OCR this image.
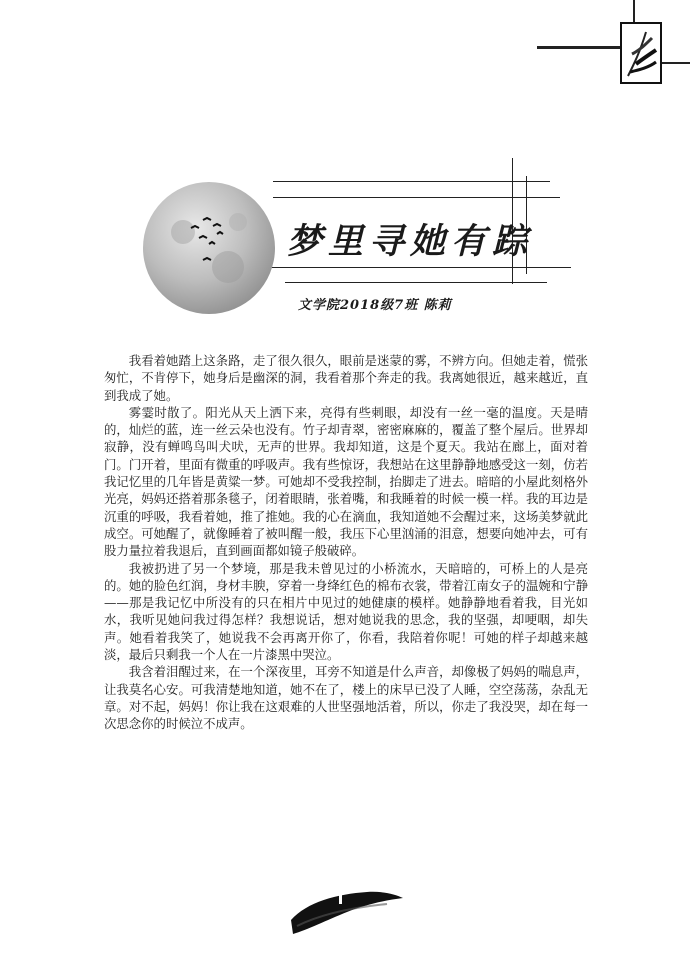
梦里寻她有踪
文学院2018级7班 陈莉

我看着她踏上这条路，走了很久很久，眼前是迷蒙的雾，不辨方向。但她走着，慌张匆忙，不肯停下，她身后是幽深的洞，我看着那个奔走的我。我离她很近，越来越近，直到我成了她。

雾霎时散了。阳光从天上洒下来，亮得有些刺眼，却没有一丝一毫的温度。天是晴的，灿烂的蓝，连一丝云朵也没有。竹子却青翠，密密麻麻的，覆盖了整个屋后。世界却寂静，没有蝉鸣鸟叫犬吠，无声的世界。我却知道，这是个夏天。我站在廊上，面对着门。门开着，里面有微重的呼吸声。我有些惊讶，我想站在这里静静地感受这一刻，仿若我记忆里的几年皆是黄粱一梦。可她却不受我控制，抬脚走了进去。暗暗的小屋此刻格外光亮，妈妈还搭着那条毯子，闭着眼睛，张着嘴，和我睡着的时候一模一样。我的耳边是沉重的呼吸，我看着她，推了推她。我的心在滴血，我知道她不会醒过来，这场美梦就此成空。可她醒了，就像睡着了被叫醒一般，我压下心里汹涌的泪意，想要向她冲去，可有股力量拉着我退后，直到画面都如镜子般破碎。

我被扔进了另一个梦境，那是我未曾见过的小桥流水，天暗暗的，可桥上的人是亮的。她的脸色红润，身材丰腴，穿着一身绛红色的棉布衣裳，带着江南女子的温婉和宁静——那是我记忆中所没有的只在相片中见过的她健康的模样。她静静地看着我，目光如水，我听见她问我过得怎样？我想说话，想对她说我的思念，我的坚强，却哽咽，却失声。她看着我笑了，她说我不会再离开你了，你看，我陪着你呢！可她的样子却越来越淡，最后只剩我一个人在一片漆黑中哭泣。

我含着泪醒过来，在一个深夜里，耳旁不知道是什么声音，却像极了妈妈的喘息声，让我莫名心安。可我清楚地知道，她不在了，楼上的床早已没了人睡，空空荡荡，杂乱无章。对不起，妈妈！你让我在这艰难的人世坚强地活着，所以，你走了我没哭，却在每一次思念你的时候泣不成声。
